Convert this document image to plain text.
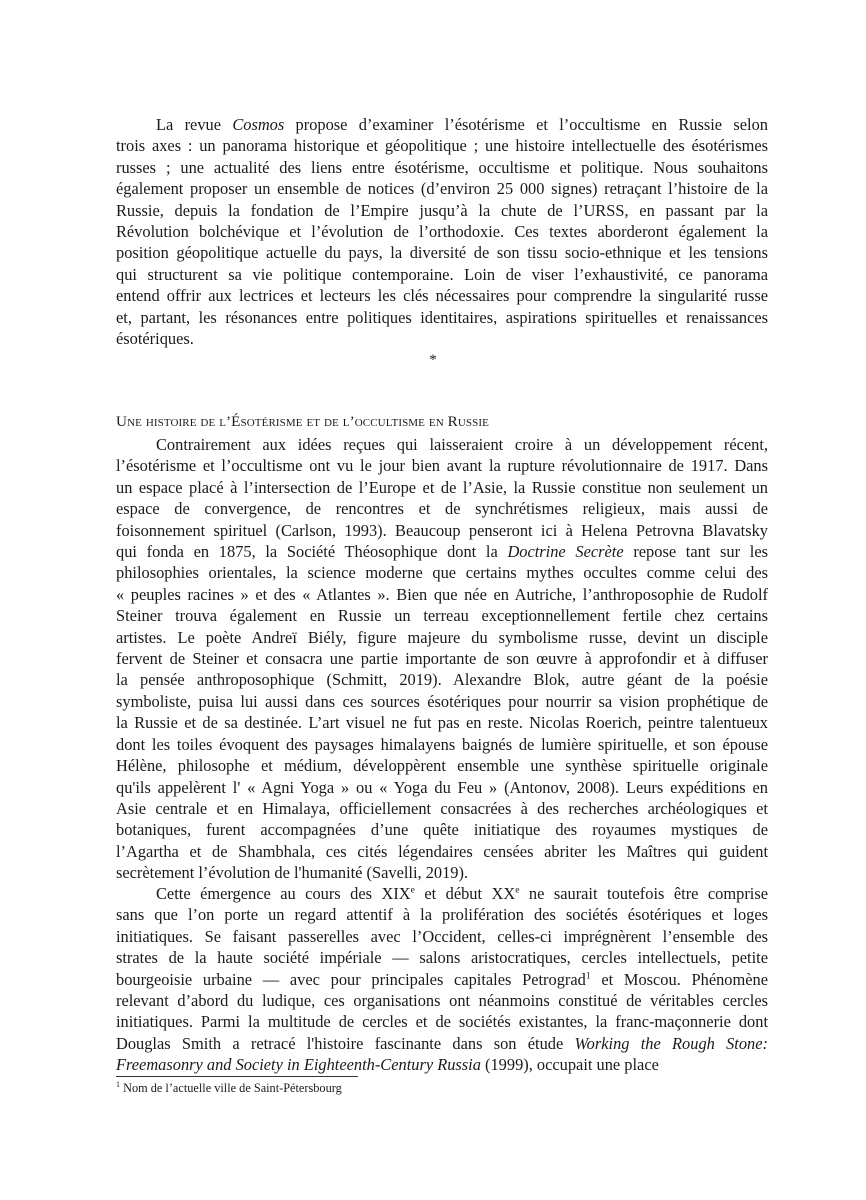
La revue Cosmos propose d’examiner l’ésotérisme et l’occultisme en Russie selon
trois axes : un panorama historique et géopolitique ; une histoire intellectuelle des ésotérismes
russes ; une actualité des liens entre ésotérisme, occultisme et politique. Nous souhaitons
également proposer un ensemble de notices (d’environ 25 000 signes) retraçant l’histoire de la
Russie, depuis la fondation de l’Empire jusqu’à la chute de l’URSS, en passant par la
Révolution bolchévique et l’évolution de l’orthodoxie. Ces textes aborderont également la
position géopolitique actuelle du pays, la diversité de son tissu socio-ethnique et les tensions
qui structurent sa vie politique contemporaine. Loin de viser l’exhaustivité, ce panorama
entend offrir aux lectrices et lecteurs les clés nécessaires pour comprendre la singularité russe
et, partant, les résonances entre politiques identitaires, aspirations spirituelles et renaissances
ésotériques.
*
Une histoire de l’Ésotérisme et de l’occultisme en Russie
Contrairement aux idées reçues qui laisseraient croire à un développement récent,
l’ésotérisme et l’occultisme ont vu le jour bien avant la rupture révolutionnaire de 1917. Dans
un espace placé à l’intersection de l’Europe et de l’Asie, la Russie constitue non seulement un
espace de convergence, de rencontres et de synchrétismes religieux, mais aussi de
foisonnement spirituel (Carlson, 1993). Beaucoup penseront ici à Helena Petrovna Blavatsky
qui fonda en 1875, la Société Théosophique dont la Doctrine Secrète repose tant sur les
philosophies orientales, la science moderne que certains mythes occultes comme celui des
« peuples racines » et des « Atlantes ». Bien que née en Autriche, l’anthroposophie de Rudolf
Steiner trouva également en Russie un terreau exceptionnellement fertile chez certains
artistes. Le poète Andreï Biély, figure majeure du symbolisme russe, devint un disciple
fervent de Steiner et consacra une partie importante de son œuvre à approfondir et à diffuser
la pensée anthroposophique (Schmitt, 2019). Alexandre Blok, autre géant de la poésie
symboliste, puisa lui aussi dans ces sources ésotériques pour nourrir sa vision prophétique de
la Russie et de sa destinée. L’art visuel ne fut pas en reste. Nicolas Roerich, peintre talentueux
dont les toiles évoquent des paysages himalayens baignés de lumière spirituelle, et son épouse
Hélène, philosophe et médium, développèrent ensemble une synthèse spirituelle originale
qu'ils appelèrent l' « Agni Yoga » ou « Yoga du Feu » (Antonov, 2008). Leurs expéditions en
Asie centrale et en Himalaya, officiellement consacrées à des recherches archéologiques et
botaniques, furent accompagnées d’une quête initiatique des royaumes mystiques de
l’Agartha et de Shambhala, ces cités légendaires censées abriter les Maîtres qui guident
secrètement l’évolution de l'humanité (Savelli, 2019).
Cette émergence au cours des XIXe et début XXe ne saurait toutefois être comprise
sans que l’on porte un regard attentif à la prolifération des sociétés ésotériques et loges
initiatiques. Se faisant passerelles avec l’Occident, celles-ci imprégnèrent l’ensemble des
strates de la haute société impériale — salons aristocratiques, cercles intellectuels, petite
bourgeoisie urbaine — avec pour principales capitales Petrograd$^1$ et Moscou. Phénomène
relevant d’abord du ludique, ces organisations ont néanmoins constitué de véritables cercles
initiatiques. Parmi la multitude de cercles et de sociétés existantes, la franc-maçonnerie dont
Douglas Smith a retracé l'histoire fascinante dans son étude Working the Rough Stone:
Freemasonry and Society in Eighteenth-Century Russia (1999), occupait une place
$^1$ Nom de l’actuelle ville de Saint-Pétersbourg
